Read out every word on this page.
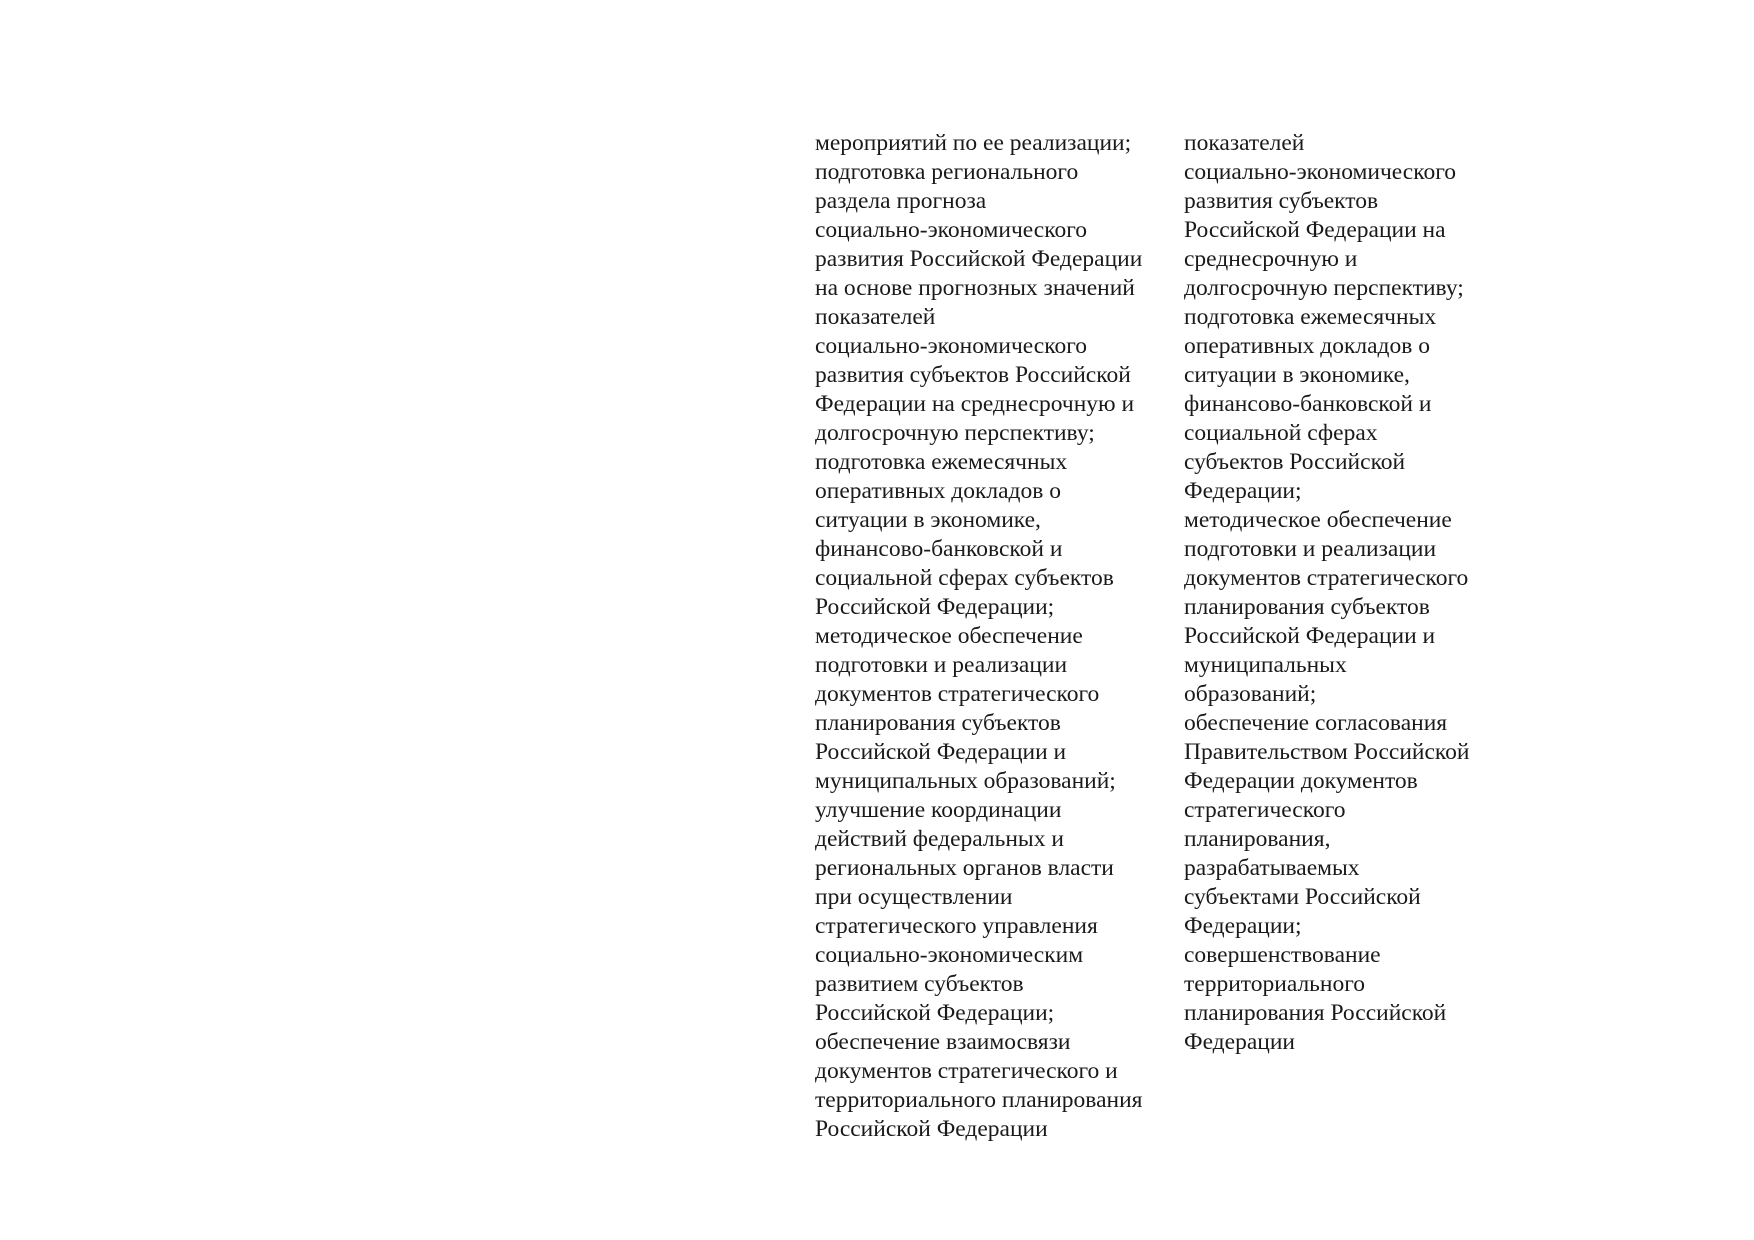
мероприятий по ее реализации;
подготовка регионального
раздела прогноза
социально-экономического
развития Российской Федерации
на основе прогнозных значений
показателей
социально-экономического
развития субъектов Российской
Федерации на среднесрочную и
долгосрочную перспективу;
подготовка ежемесячных
оперативных докладов о
ситуации в экономике,
финансово-банковской и
социальной сферах субъектов
Российской Федерации;
методическое обеспечение
подготовки и реализации
документов стратегического
планирования субъектов
Российской Федерации и
муниципальных образований;
улучшение координации
действий федеральных и
региональных органов власти
при осуществлении
стратегического управления
социально-экономическим
развитием субъектов
Российской Федерации;
обеспечение взаимосвязи
документов стратегического и
территориального планирования
Российской Федерации
показателей
социально-экономического
развития субъектов
Российской Федерации на
среднесрочную и
долгосрочную перспективу;
подготовка ежемесячных
оперативных докладов о
ситуации в экономике,
финансово-банковской и
социальной сферах
субъектов Российской
Федерации;
методическое обеспечение
подготовки и реализации
документов стратегического
планирования субъектов
Российской Федерации и
муниципальных
образований;
обеспечение согласования
Правительством Российской
Федерации документов
стратегического
планирования,
разрабатываемых
субъектами Российской
Федерации;
совершенствование
территориального
планирования Российской
Федерации
